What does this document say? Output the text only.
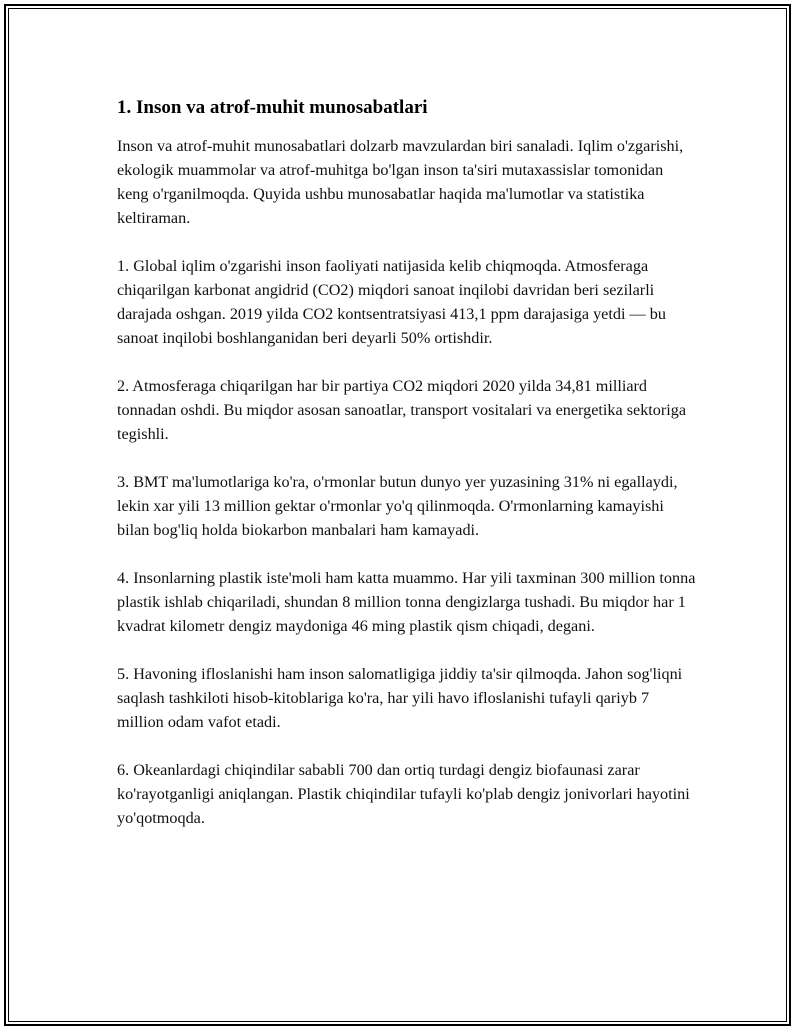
1. Inson va atrof-muhit munosabatlari

Inson va atrof-muhit munosabatlari dolzarb mavzulardan biri sanaladi. Iqlim o'zgarishi, ekologik muammolar va atrof-muhitga bo'lgan inson ta'siri mutaxassislar tomonidan keng o'rganilmoqda. Quyida ushbu munosabatlar haqida ma'lumotlar va statistika keltiraman.

1. Global iqlim o'zgarishi inson faoliyati natijasida kelib chiqmoqda. Atmosferaga chiqarilgan karbonat angidrid (CO2) miqdori sanoat inqilobi davridan beri sezilarli darajada oshgan. 2019 yilda CO2 kontsentratsiyasi 413,1 ppm darajasiga yetdi — bu sanoat inqilobi boshlanganidan beri deyarli 50% ortishdir.

2. Atmosferaga chiqarilgan har bir partiya CO2 miqdori 2020 yilda 34,81 milliard tonnadan oshdi. Bu miqdor asosan sanoatlar, transport vositalari va energetika sektoriga tegishli.

3. BMT ma'lumotlariga ko'ra, o'rmonlar butun dunyo yer yuzasining 31% ni egallaydi, lekin xar yili 13 million gektar o'rmonlar yo'q qilinmoqda. O'rmonlarning kamayishi bilan bog'liq holda biokarbon manbalari ham kamayadi.

4. Insonlarning plastik iste'moli ham katta muammo. Har yili taxminan 300 million tonna plastik ishlab chiqariladi, shundan 8 million tonna dengizlarga tushadi. Bu miqdor har 1 kvadrat kilometr dengiz maydoniga 46 ming plastik qism chiqadi, degani.

5. Havoning ifloslanishi ham inson salomatligiga jiddiy ta'sir qilmoqda. Jahon sog'liqni saqlash tashkiloti hisob-kitoblariga ko'ra, har yili havo ifloslanishi tufayli qariyb 7 million odam vafot etadi.

6. Okeanlardagi chiqindilar sababli 700 dan ortiq turdagi dengiz biofaunasi zarar ko'rayotganligi aniqlangan. Plastik chiqindilar tufayli ko'plab dengiz jonivorlari hayotini yo'qotmoqda.
